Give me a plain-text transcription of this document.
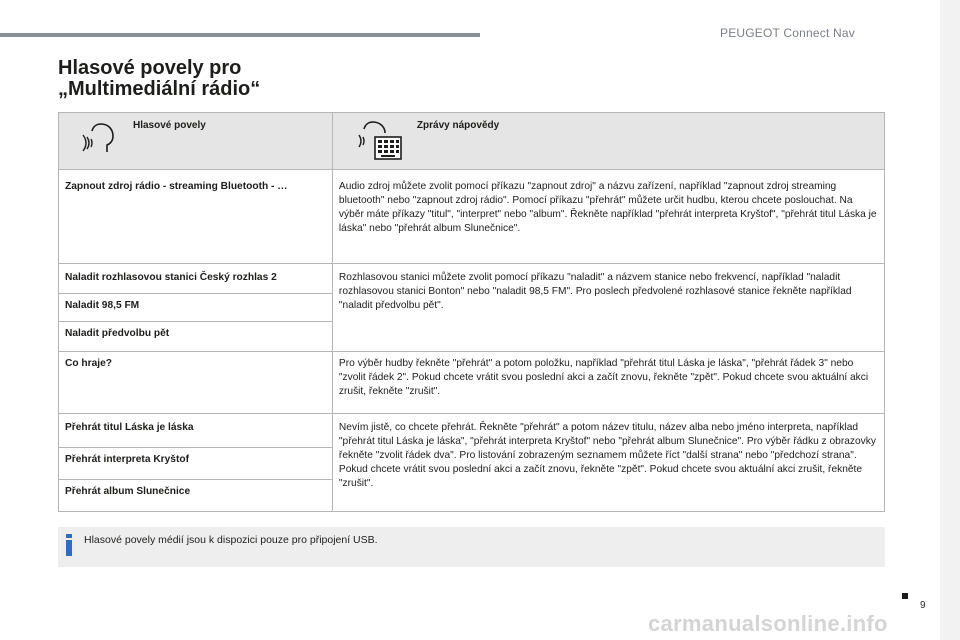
PEUGEOT Connect Nav
Hlasové povely pro
„Multimediální rádio“
Hlasové povely	Zprávy nápovědy

Zapnout zdroj rádio - streaming Bluetooth - …	Audio zdroj můžete zvolit pomocí příkazu "zapnout zdroj" a názvu zařízení, například "zapnout zdroj streaming bluetooth" nebo "zapnout zdroj rádio". Pomocí příkazu "přehrát" můžete určit hudbu, kterou chcete poslouchat. Na výběr máte příkazy "titul", "interpret" nebo "album". Řekněte například "přehrát interpreta Kryštof", "přehrát titul Láska je láska" nebo "přehrát album Slunečnice".
Naladit rozhlasovou stanici Český rozhlas 2	Rozhlasovou stanici můžete zvolit pomocí příkazu "naladit" a názvem stanice nebo frekvencí, například "naladit rozhlasovou stanici Bonton" nebo "naladit 98,5 FM". Pro poslech předvolené rozhlasové stanice řekněte například "naladit předvolbu pět".
Naladit 98,5 FM	
Naladit předvolbu pět	
Co hraje?	Pro výběr hudby řekněte "přehrát" a potom položku, například "přehrát titul Láska je láska", "přehrát řádek 3" nebo "zvolit řádek 2". Pokud chcete vrátit svou poslední akci a začít znovu, řekněte "zpět". Pokud chcete svou aktuální akci zrušit, řekněte "zrušit".
Přehrát titul Láska je láska	Nevím jistě, co chcete přehrát. Řekněte "přehrát" a potom název titulu, název alba nebo jméno interpreta, například "přehrát titul Láska je láska", "přehrát interpreta Kryštof" nebo "přehrát album Slunečnice". Pro výběr řádku z obrazovky řekněte "zvolit řádek dva". Pro listování zobrazeným seznamem můžete říct "další strana" nebo "předchozí strana". Pokud chcete vrátit svou poslední akci a začít znovu, řekněte "zpět". Pokud chcete svou aktuální akci zrušit, řekněte "zrušit".
Přehrát interpreta Kryštof	
Přehrát album Slunečnice	
Hlasové povely médií jsou k dispozici pouze pro připojení USB.
9
carmanualsonline.info
